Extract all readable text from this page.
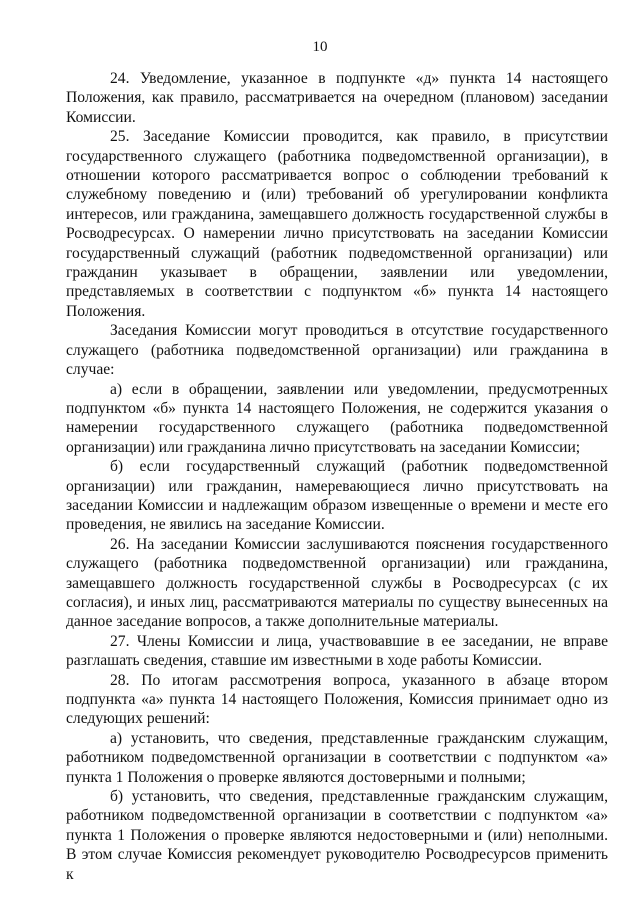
10

24. Уведомление, указанное в подпункте «д» пункта 14 настоящего Положения, как правило, рассматривается на очередном (плановом) заседании Комиссии.

25. Заседание Комиссии проводится, как правило, в присутствии государственного служащего (работника подведомственной организации), в отношении которого рассматривается вопрос о соблюдении требований к служебному поведению и (или) требований об урегулировании конфликта интересов, или гражданина, замещавшего должность государственной службы в Росводресурсах. О намерении лично присутствовать на заседании Комиссии государственный служащий (работник подведомственной организации) или гражданин указывает в обращении, заявлении или уведомлении, представляемых в соответствии с подпунктом «б» пункта 14 настоящего Положения.

Заседания Комиссии могут проводиться в отсутствие государственного служащего (работника подведомственной организации) или гражданина в случае:

а) если в обращении, заявлении или уведомлении, предусмотренных подпунктом «б» пункта 14 настоящего Положения, не содержится указания о намерении государственного служащего (работника подведомственной организации) или гражданина лично присутствовать на заседании Комиссии;

б) если государственный служащий (работник подведомственной организации) или гражданин, намеревающиеся лично присутствовать на заседании Комиссии и надлежащим образом извещенные о времени и месте его проведения, не явились на заседание Комиссии.

26. На заседании Комиссии заслушиваются пояснения государственного служащего (работника подведомственной организации) или гражданина, замещавшего должность государственной службы в Росводресурсах (с их согласия), и иных лиц, рассматриваются материалы по существу вынесенных на данное заседание вопросов, а также дополнительные материалы.

27. Члены Комиссии и лица, участвовавшие в ее заседании, не вправе разглашать сведения, ставшие им известными в ходе работы Комиссии.

28. По итогам рассмотрения вопроса, указанного в абзаце втором подпункта «а» пункта 14 настоящего Положения, Комиссия принимает одно из следующих решений:

а) установить, что сведения, представленные гражданским служащим, работником подведомственной организации в соответствии с подпунктом «а» пункта 1 Положения о проверке являются достоверными и полными;

б) установить, что сведения, представленные гражданским служащим, работником подведомственной организации в соответствии с подпунктом «а» пункта 1 Положения о проверке являются недостоверными и (или) неполными. В этом случае Комиссия рекомендует руководителю Росводресурсов применить к
